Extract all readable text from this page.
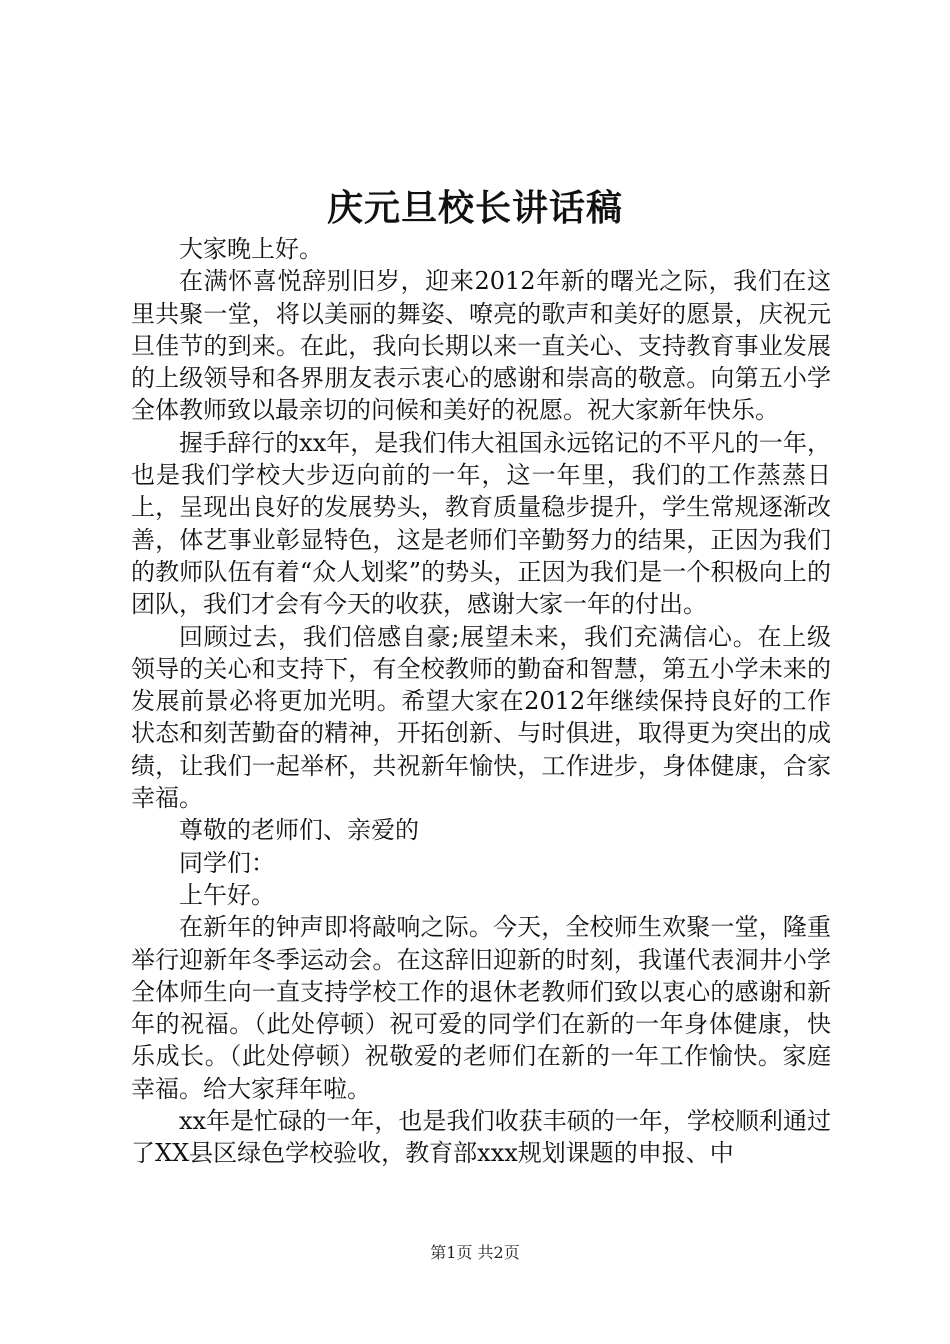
庆元旦校长讲话稿

大家晚上好。

在满怀喜悦辞别旧岁，迎来2012年新的曙光之际，我们在这里共聚一堂，将以美丽的舞姿、嘹亮的歌声和美好的愿景，庆祝元旦佳节的到来。在此，我向长期以来一直关心、支持教育事业发展的上级领导和各界朋友表示衷心的感谢和崇高的敬意。向第五小学全体教师致以最亲切的问候和美好的祝愿。祝大家新年快乐。

握手辞行的xx年，是我们伟大祖国永远铭记的不平凡的一年，也是我们学校大步迈向前的一年，这一年里，我们的工作蒸蒸日上，呈现出良好的发展势头，教育质量稳步提升，学生常规逐渐改善，体艺事业彰显特色，这是老师们辛勤努力的结果，正因为我们的教师队伍有着“众人划桨”的势头，正因为我们是一个积极向上的团队，我们才会有今天的收获，感谢大家一年的付出。

回顾过去，我们倍感自豪;展望未来，我们充满信心。在上级领导的关心和支持下，有全校教师的勤奋和智慧，第五小学未来的发展前景必将更加光明。希望大家在2012年继续保持良好的工作状态和刻苦勤奋的精神，开拓创新、与时俱进，取得更为突出的成绩，让我们一起举杯，共祝新年愉快，工作进步，身体健康，合家幸福。

尊敬的老师们、亲爱的

同学们：

上午好。

在新年的钟声即将敲响之际。今天，全校师生欢聚一堂，隆重举行迎新年冬季运动会。在这辞旧迎新的时刻，我谨代表洞井小学全体师生向一直支持学校工作的退休老教师们致以衷心的感谢和新年的祝福。（此处停顿）祝可爱的同学们在新的一年身体健康，快乐成长。（此处停顿）祝敬爱的老师们在新的一年工作愉快。家庭幸福。给大家拜年啦。

xx年是忙碌的一年，也是我们收获丰硕的一年，学校顺利通过了XX县区绿色学校验收，教育部xxx规划课题的申报、中

第1页 共2页
